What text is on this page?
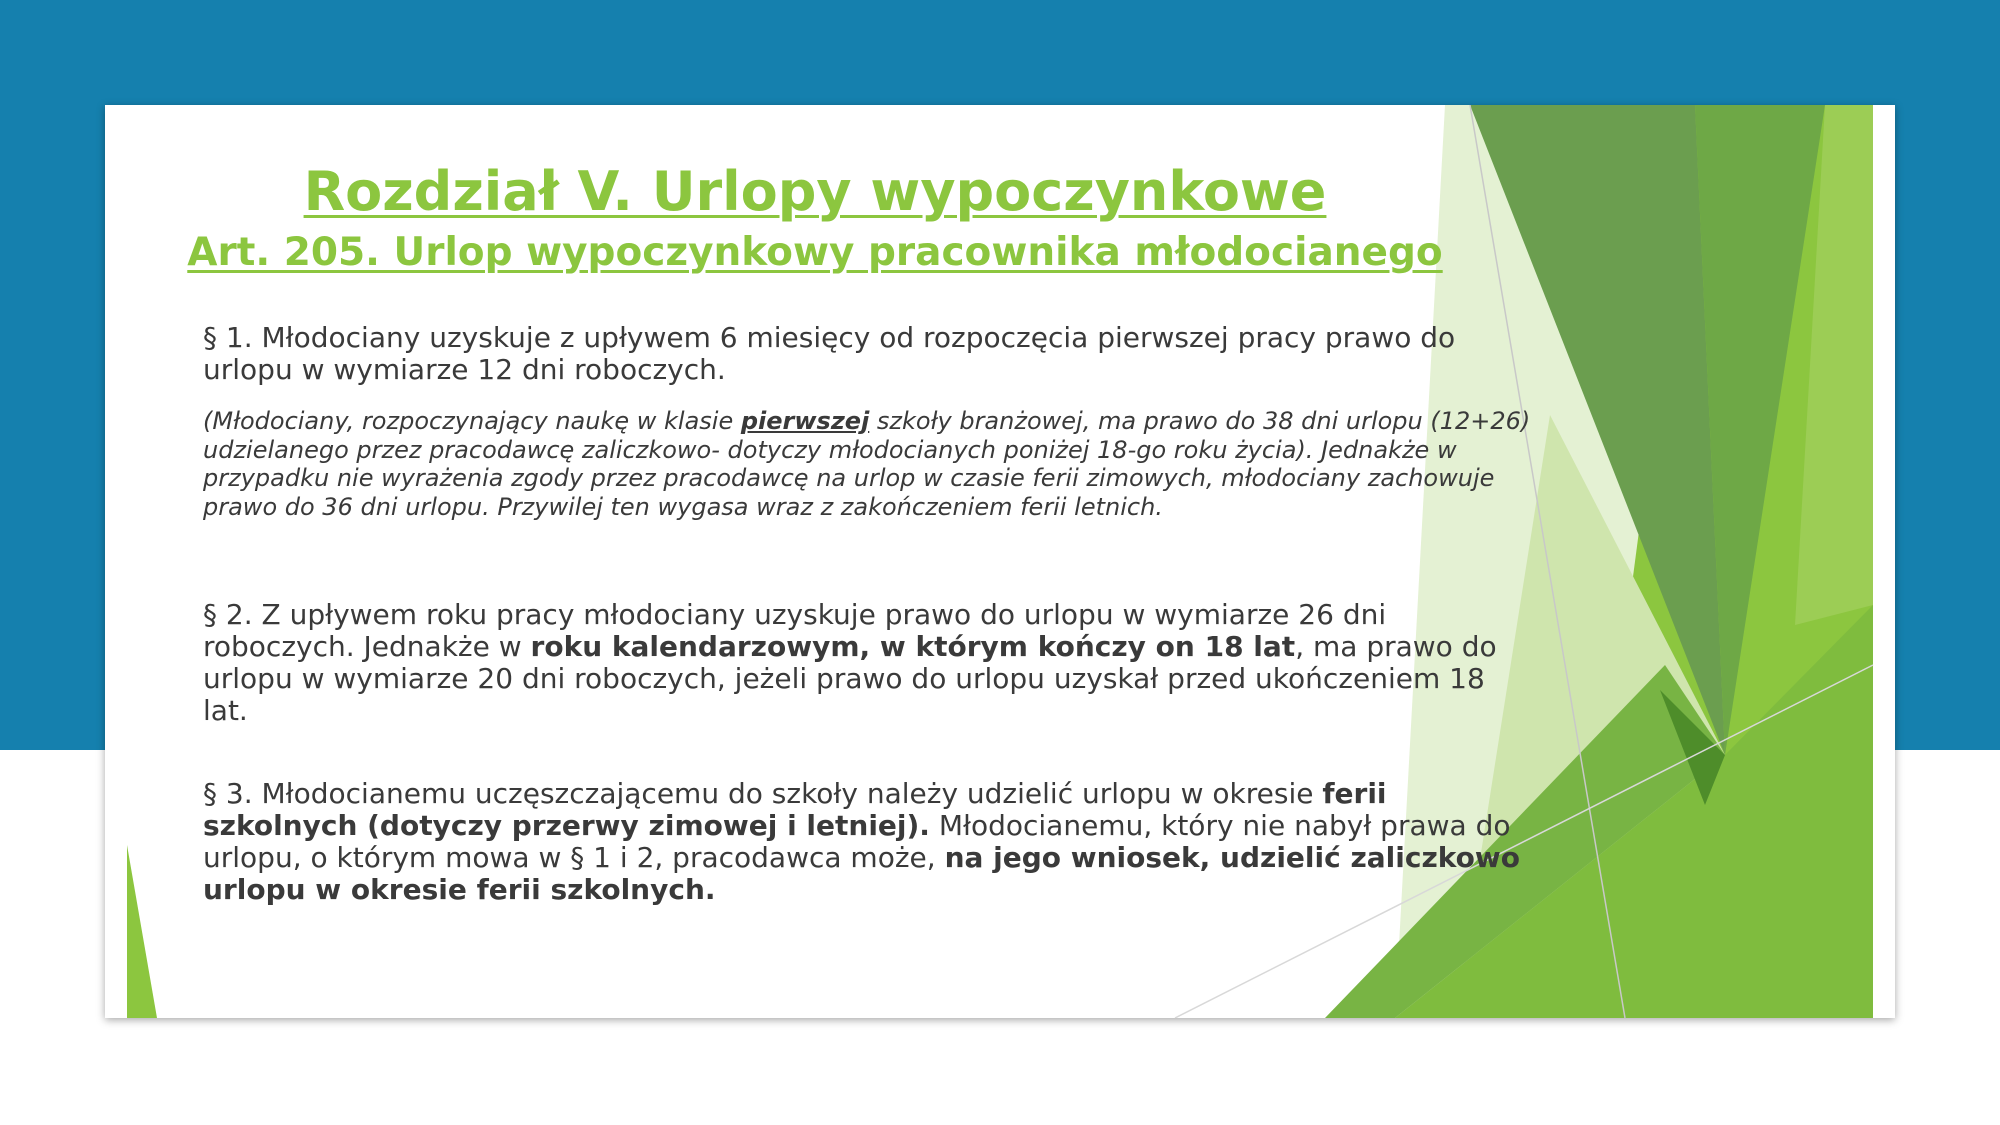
Rozdział V. Urlopy wypoczynkowe
Art. 205. Urlop wypoczynkowy pracownika młodocianego

§ 1. Młodociany uzyskuje z upływem 6 miesięcy od rozpoczęcia pierwszej pracy prawo do urlopu w wymiarze 12 dni roboczych.

(Młodociany, rozpoczynający naukę w klasie pierwszej szkoły branżowej, ma prawo do 38 dni urlopu (12+26) udzielanego przez pracodawcę zaliczkowo- dotyczy młodocianych poniżej 18-go roku życia). Jednakże w przypadku nie wyrażenia zgody przez pracodawcę na urlop w czasie ferii zimowych, młodociany zachowuje prawo do 36 dni urlopu. Przywilej ten wygasa wraz z zakończeniem ferii letnich.

§ 2. Z upływem roku pracy młodociany uzyskuje prawo do urlopu w wymiarze 26 dni roboczych. Jednakże w roku kalendarzowym, w którym kończy on 18 lat, ma prawo do urlopu w wymiarze 20 dni roboczych, jeżeli prawo do urlopu uzyskał przed ukończeniem 18 lat.

§ 3. Młodocianemu uczęszczającemu do szkoły należy udzielić urlopu w okresie ferii szkolnych (dotyczy przerwy zimowej i letniej). Młodocianemu, który nie nabył prawa do urlopu, o którym mowa w § 1 i 2, pracodawca może, na jego wniosek, udzielić zaliczkowo urlopu w okresie ferii szkolnych.
